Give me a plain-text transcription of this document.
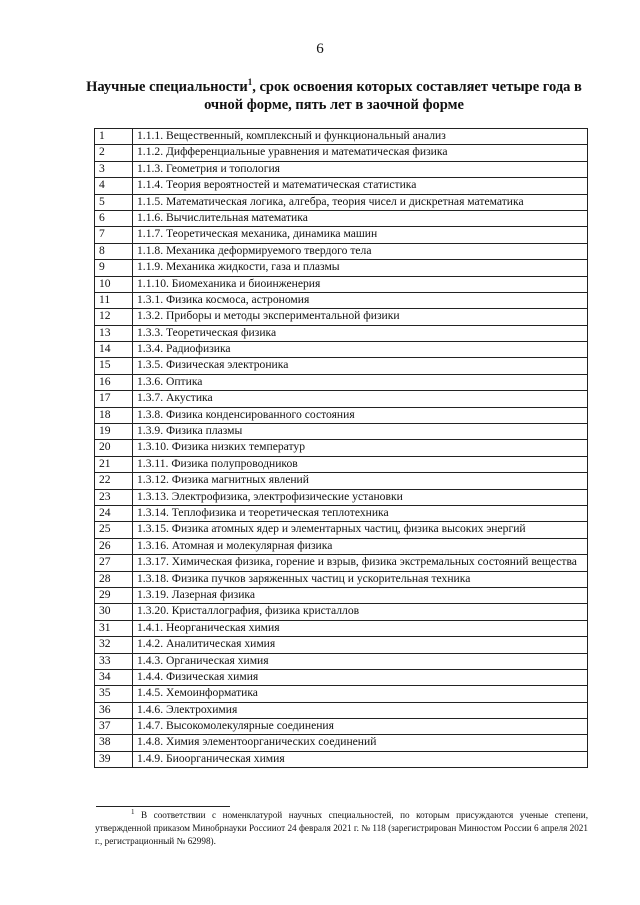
6
Научные специальности$^1$, срок освоения которых составляет четыре года в очной форме, пять лет в заочной форме
1	1.1.1. Вещественный, комплексный и функциональный анализ
2	1.1.2. Дифференциальные уравнения и математическая физика
3	1.1.3. Геометрия и топология
4	1.1.4. Теория вероятностей и математическая статистика
5	1.1.5. Математическая логика, алгебра, теория чисел и дискретная математика
6	1.1.6. Вычислительная математика
7	1.1.7. Теоретическая механика, динамика машин
8	1.1.8. Механика деформируемого твердого тела
9	1.1.9. Механика жидкости, газа и плазмы
10	1.1.10. Биомеханика и биоинженерия
11	1.3.1. Физика космоса, астрономия
12	1.3.2. Приборы и методы экспериментальной физики
13	1.3.3. Теоретическая физика
14	1.3.4. Радиофизика
15	1.3.5. Физическая электроника
16	1.3.6. Оптика
17	1.3.7. Акустика
18	1.3.8. Физика конденсированного состояния
19	1.3.9. Физика плазмы
20	1.3.10. Физика низких температур
21	1.3.11. Физика полупроводников
22	1.3.12. Физика магнитных явлений
23	1.3.13. Электрофизика, электрофизические установки
24	1.3.14. Теплофизика и теоретическая теплотехника
25	1.3.15. Физика атомных ядер и элементарных частиц, физика высоких энергий
26	1.3.16. Атомная и молекулярная физика
27	1.3.17. Химическая физика, горение и взрыв, физика экстремальных состояний вещества
28	1.3.18. Физика пучков заряженных частиц и ускорительная техника
29	1.3.19. Лазерная физика
30	1.3.20. Кристаллография, физика кристаллов
31	1.4.1. Неорганическая химия
32	1.4.2. Аналитическая химия
33	1.4.3. Органическая химия
34	1.4.4. Физическая химия
35	1.4.5. Хемоинформатика
36	1.4.6. Электрохимия
37	1.4.7. Высокомолекулярные соединения
38	1.4.8. Химия элементоорганических соединений
39	1.4.9. Биоорганическая химия
$^1$ В соответствии с номенклатурой научных специальностей, по которым присуждаются ученые степени, утвержденной приказом Минобрнауки Россииот 24 февраля 2021 г. № 118 (зарегистрирован Минюстом России 6 апреля 2021 г., регистрационный № 62998).
